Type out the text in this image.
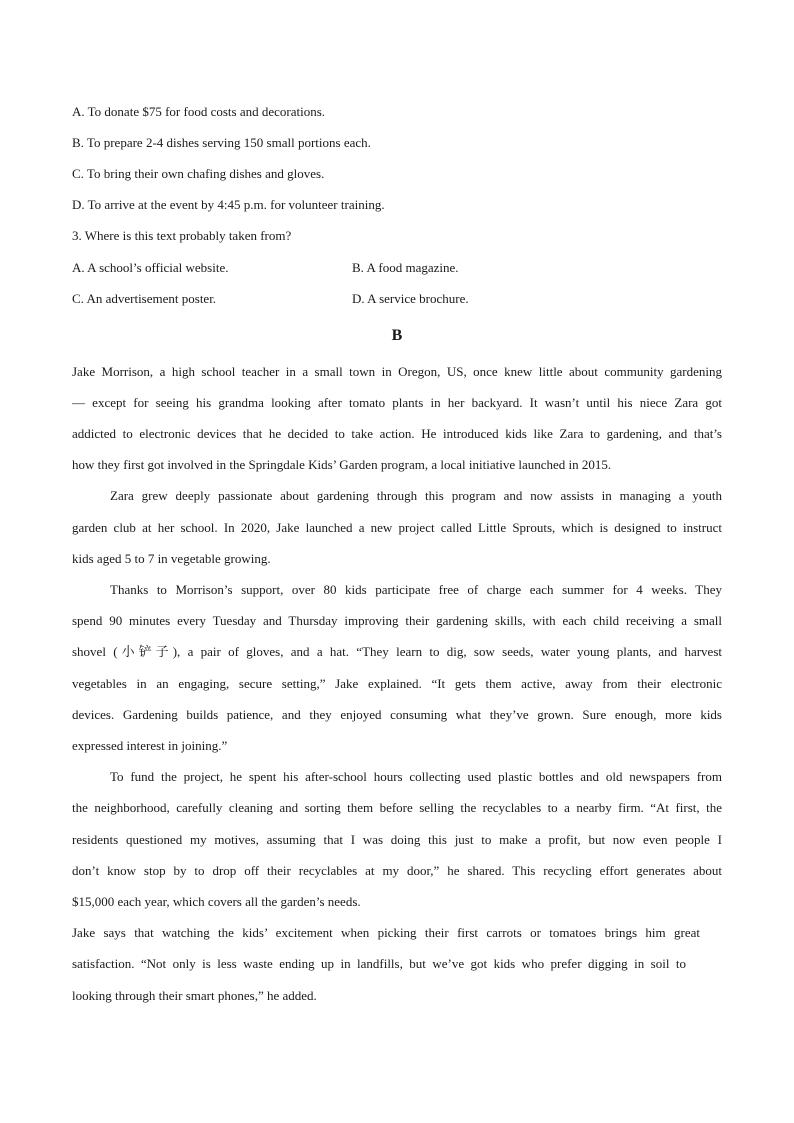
A. To donate $75 for food costs and decorations.
B. To prepare 2-4 dishes serving 150 small portions each.
C. To bring their own chafing dishes and gloves.
D. To arrive at the event by 4:45 p.m. for volunteer training.
3. Where is this text probably taken from?
A. A school’s official website.	B. A food magazine.
C. An advertisement poster.	D. A service brochure.
B
Jake Morrison, a high school teacher in a small town in Oregon, US, once knew little about community gardening
— except for seeing his grandma looking after tomato plants in her backyard. It wasn’t until his niece Zara got
addicted to electronic devices that he decided to take action. He introduced kids like Zara to gardening, and that’s
how they first got involved in the Springdale Kids’ Garden program, a local initiative launched in 2015.
Zara grew deeply passionate about gardening through this program and now assists in managing a youth
garden club at her school. In 2020, Jake launched a new project called Little Sprouts, which is designed to instruct
kids aged 5 to 7 in vegetable growing.
Thanks to Morrison’s support, over 80 kids participate free of charge each summer for 4 weeks. They
spend 90 minutes every Tuesday and Thursday improving their gardening skills, with each child receiving a small
shovel (小铲子), a pair of gloves, and a hat. “They learn to dig, sow seeds, water young plants, and harvest
vegetables in an engaging, secure setting,” Jake explained. “It gets them active, away from their electronic
devices. Gardening builds patience, and they enjoyed consuming what they’ve grown. Sure enough, more kids
expressed interest in joining.”
To fund the project, he spent his after-school hours collecting used plastic bottles and old newspapers from
the neighborhood, carefully cleaning and sorting them before selling the recyclables to a nearby firm. “At first, the
residents questioned my motives, assuming that I was doing this just to make a profit, but now even people I
don’t know stop by to drop off their recyclables at my door,” he shared. This recycling effort generates about
$15,000 each year, which covers all the garden’s needs.
Jake says that watching the kids’ excitement when picking their first carrots or tomatoes brings him great
satisfaction. “Not only is less waste ending up in landfills, but we’ve got kids who prefer digging in soil to
looking through their smart phones,” he added.
